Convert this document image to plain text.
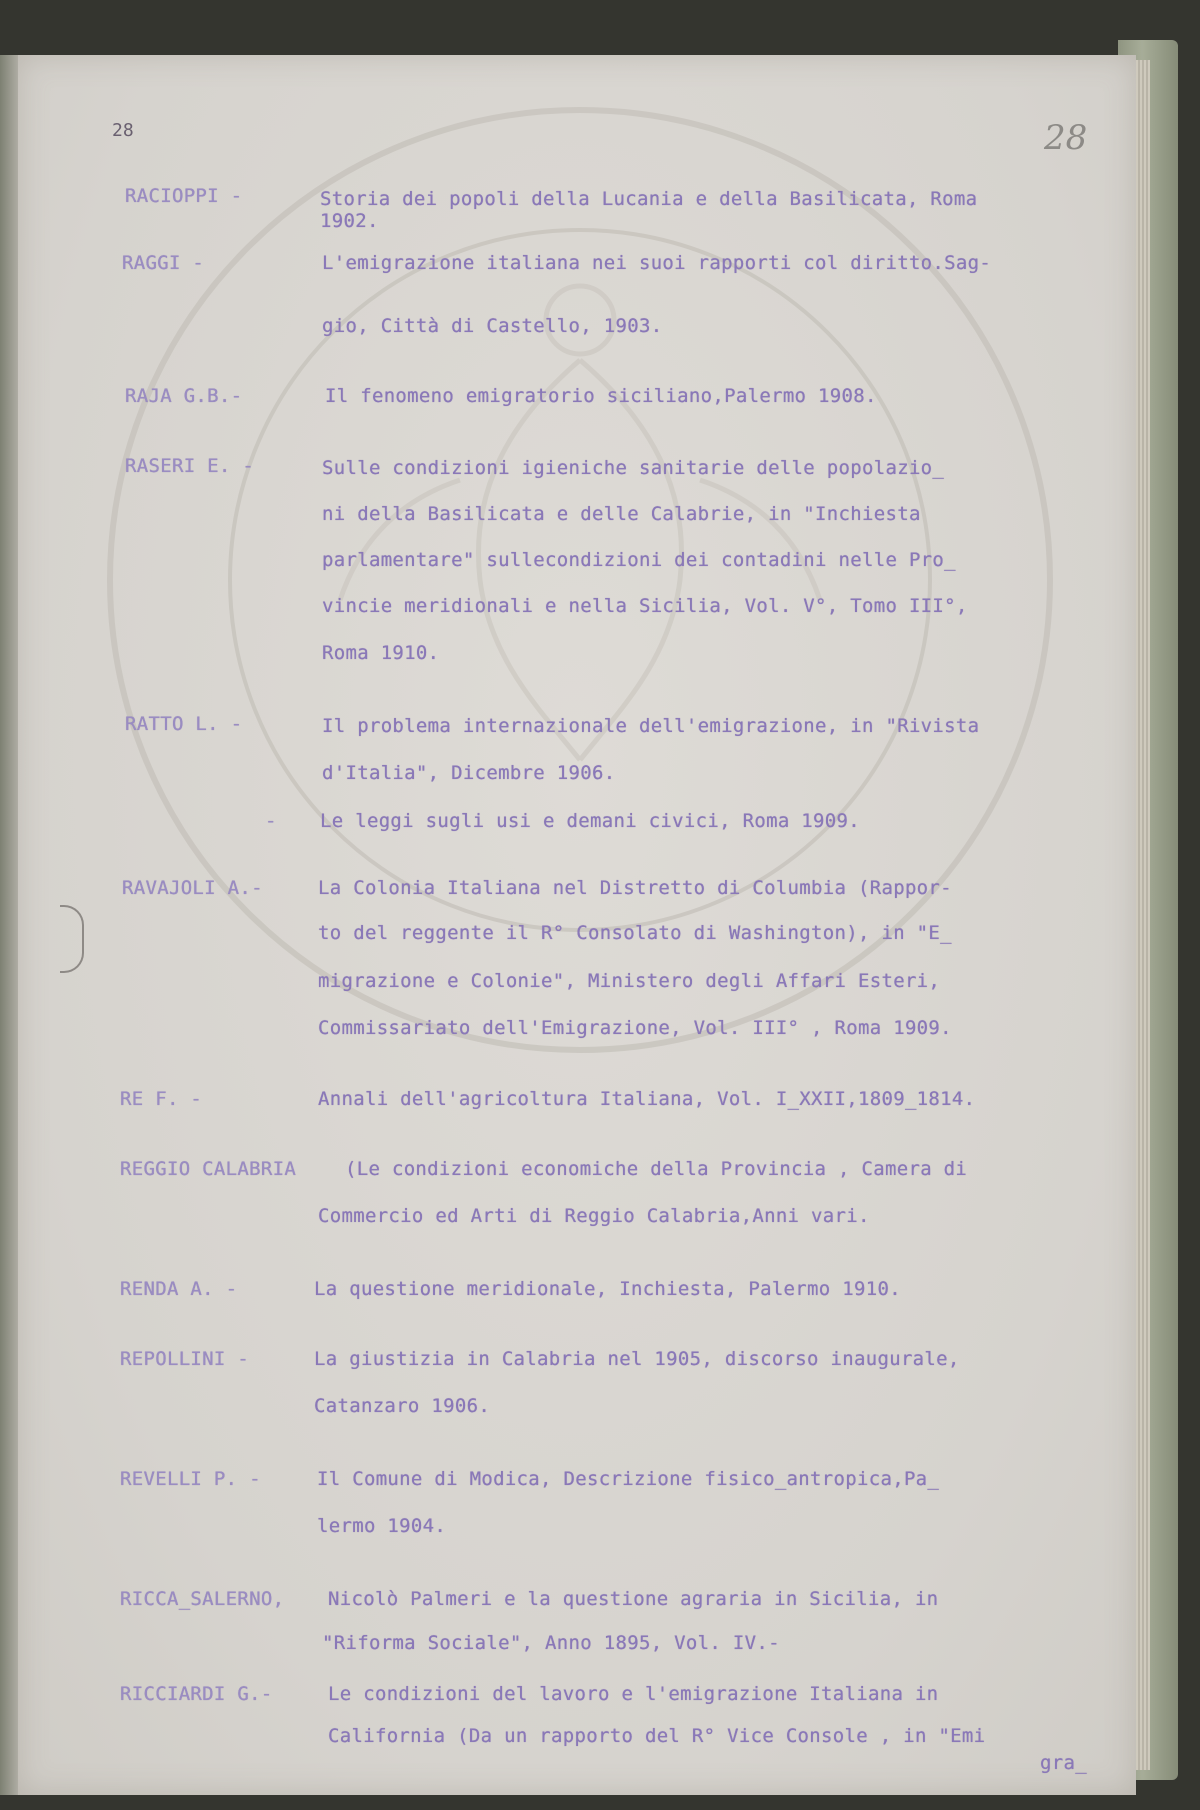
28	28
RACIOPPI -	Storia dei popoli della Lucania e della Basilicata, Roma
1902.
RAGGI -	L'emigrazione italiana nei suoi rapporti col diritto.Sag-
gio, Città di Castello, 1903.
RAJA G.B.-	Il fenomeno emigratorio siciliano,Palermo 1908.
RASERI E. -	Sulle condizioni igieniche sanitarie delle popolazio_
ni della Basilicata e delle Calabrie, in "Inchiesta
parlamentare" sullecondizioni dei contadini nelle Pro_
vincie meridionali e nella Sicilia, Vol. V°, Tomo III°,
Roma 1910.
RATTO L. -	Il problema internazionale dell'emigrazione, in "Rivista
d'Italia", Dicembre 1906.
- Le leggi sugli usi e demani civici, Roma 1909.
RAVAJOLI A.-	La Colonia Italiana nel Distretto di Columbia (Rappor-
to del reggente il R° Consolato di Washington), in "E_
migrazione e Colonie", Ministero degli Affari Esteri,
Commissariato dell'Emigrazione, Vol. III° , Roma 1909.
RE F. -	Annali dell'agricoltura Italiana, Vol. I_XXII,1809_1814.
REGGIO CALABRIA	(Le condizioni economiche della Provincia , Camera di
Commercio ed Arti di Reggio Calabria,Anni vari.
RENDA A. -	La questione meridionale, Inchiesta, Palermo 1910.
REPOLLINI -	La giustizia in Calabria nel 1905, discorso inaugurale,
Catanzaro 1906.
REVELLI P. -	Il Comune di Modica, Descrizione fisico_antropica,Pa_
lermo 1904.
RICCA_SALERNO, Nicolò Palmeri e la questione agraria in Sicilia, in
"Riforma Sociale", Anno 1895, Vol. IV.-
RICCIARDI G.-	Le condizioni del lavoro e l'emigrazione Italiana in
California (Da un rapporto del R° Vice Console , in "Emi
gra_
